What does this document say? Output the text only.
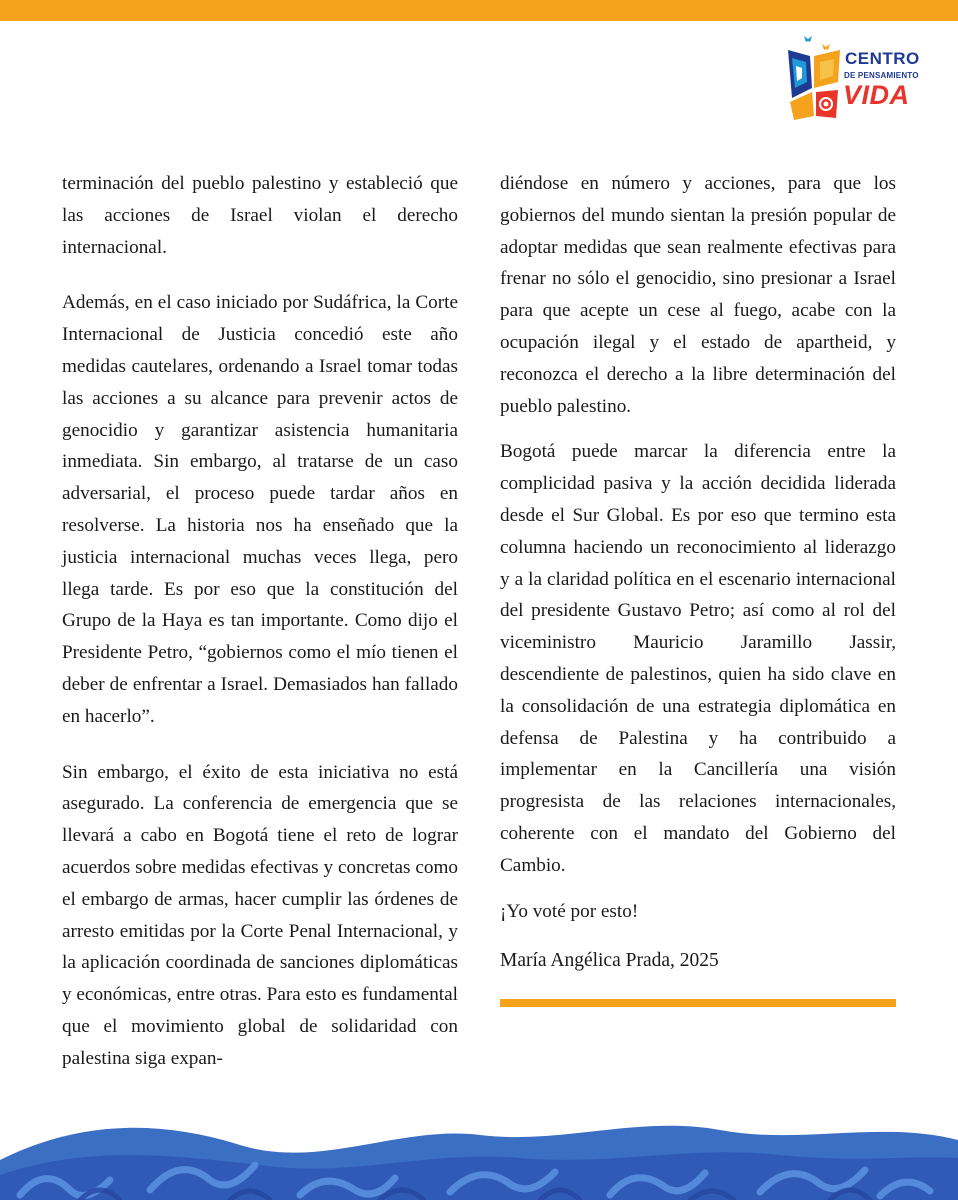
CENTRO
DE PENSAMIENTO
VIDA

terminación del pueblo palestino y estableció que las acciones de Israel violan el derecho internacional.

Además, en el caso iniciado por Sudáfrica, la Corte Internacional de Justicia concedió este año medidas cautelares, ordenando a Israel tomar todas las acciones a su alcance para prevenir actos de genocidio y garantizar asistencia humanitaria inmediata. Sin embargo, al tratarse de un caso adversarial, el proceso puede tardar años en resolverse. La historia nos ha enseñado que la justicia internacional muchas veces llega, pero llega tarde. Es por eso que la constitución del Grupo de la Haya es tan importante. Como dijo el Presidente Petro, “gobiernos como el mío tienen el deber de enfrentar a Israel. Demasiados han fallado en hacerlo”.

Sin embargo, el éxito de esta iniciativa no está asegurado. La conferencia de emergencia que se llevará a cabo en Bogotá tiene el reto de lograr acuerdos sobre medidas efectivas y concretas como el embargo de armas, hacer cumplir las órdenes de arresto emitidas por la Corte Penal Internacional, y la aplicación coordinada de sanciones diplomáticas y económicas, entre otras. Para esto es fundamental que el movimiento global de solidaridad con palestina siga expan-

diéndose en número y acciones, para que los gobiernos del mundo sientan la presión popular de adoptar medidas que sean realmente efectivas para frenar no sólo el genocidio, sino presionar a Israel para que acepte un cese al fuego, acabe con la ocupación ilegal y el estado de apartheid, y reconozca el derecho a la libre determinación del pueblo palestino.

Bogotá puede marcar la diferencia entre la complicidad pasiva y la acción decidida liderada desde el Sur Global. Es por eso que termino esta columna haciendo un reconocimiento al liderazgo y a la claridad política en el escenario internacional del presidente Gustavo Petro; así como al rol del viceministro Mauricio Jaramillo Jassir, descendiente de palestinos, quien ha sido clave en la consolidación de una estrategia diplomática en defensa de Palestina y ha contribuido a implementar en la Cancillería una visión progresista de las relaciones internacionales, coherente con el mandato del Gobierno del Cambio.

¡Yo voté por esto!

María Angélica Prada, 2025
